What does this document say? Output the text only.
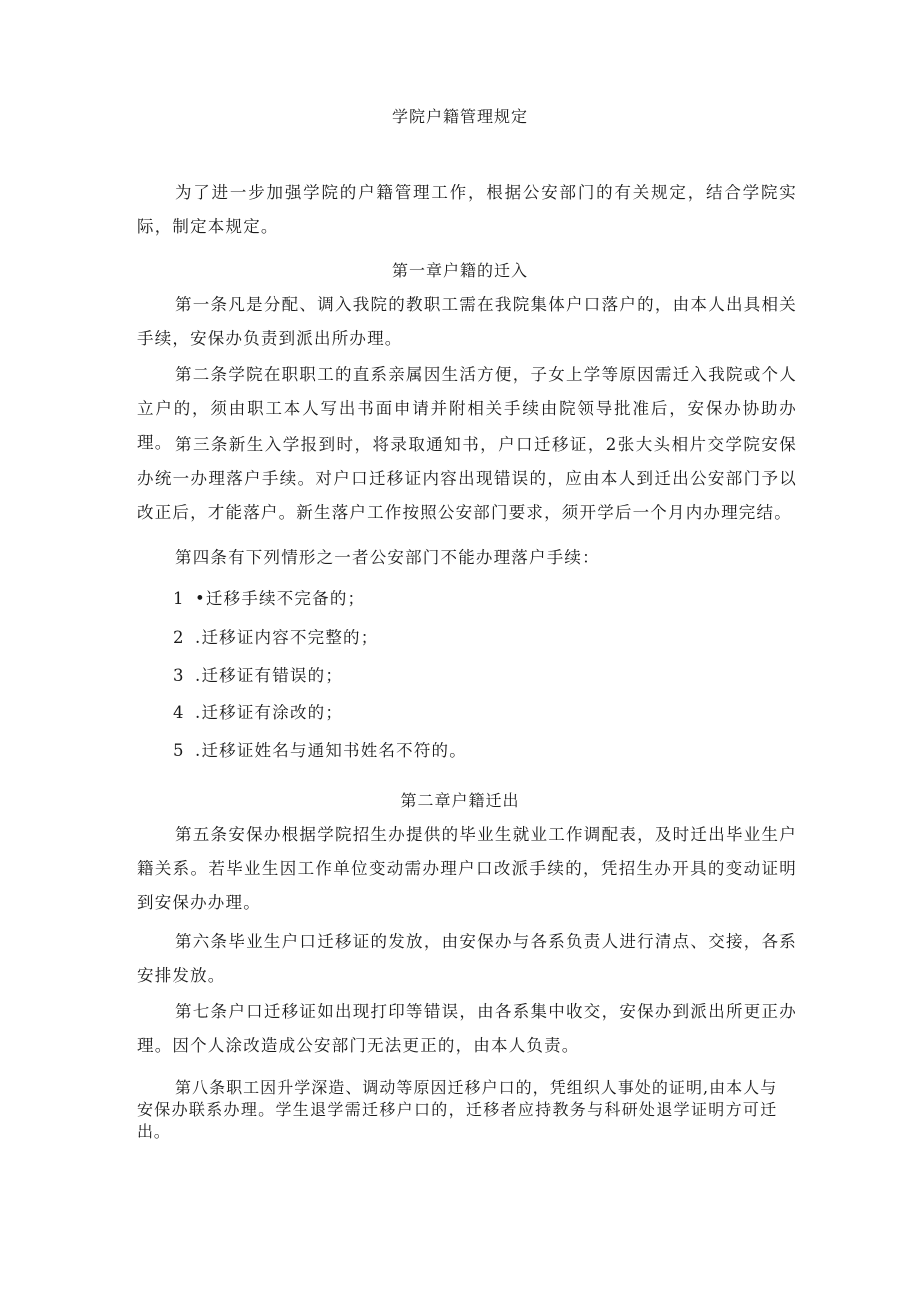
学院户籍管理规定
为了进一步加强学院的户籍管理工作，根据公安部门的有关规定，结合学院实际，制定本规定。
第一章户籍的迁入
第一条凡是分配、调入我院的教职工需在我院集体户口落户的，由本人出具相关手续，安保办负责到派出所办理。
第二条学院在职职工的直系亲属因生活方便，子女上学等原因需迁入我院或个人立户的，须由职工本人写出书面申请并附相关手续由院领导批准后，安保办协助办理。 第三条新生入学报到时，将录取通知书，户口迁移证，2张大头相片交学院安保办统一办理落户手续。对户口迁移证内容出现错误的，应由本人到迁出公安部门予以改正后，才能落户。新生落户工作按照公安部门要求，须开学后一个月内办理完结。
第四条有下列情形之一者公安部门不能办理落户手续：
1 •迁移手续不完备的；
2 .迁移证内容不完整的；
3 .迁移证有错误的；
4 .迁移证有涂改的；
5 .迁移证姓名与通知书姓名不符的。
第二章户籍迁出
第五条安保办根据学院招生办提供的毕业生就业工作调配表，及时迁出毕业生户籍关系。若毕业生因工作单位变动需办理户口改派手续的，凭招生办开具的变动证明到安保办办理。
第六条毕业生户口迁移证的发放，由安保办与各系负责人进行清点、交接，各系安排发放。
第七条户口迁移证如出现打印等错误，由各系集中收交，安保办到派出所更正办理。因个人涂改造成公安部门无法更正的，由本人负责。
第八条职工因升学深造、调动等原因迁移户口的，凭组织人事处的证明,由本人与安保办联系办理。学生退学需迁移户口的，迁移者应持教务与科研处退学证明方可迁出。
